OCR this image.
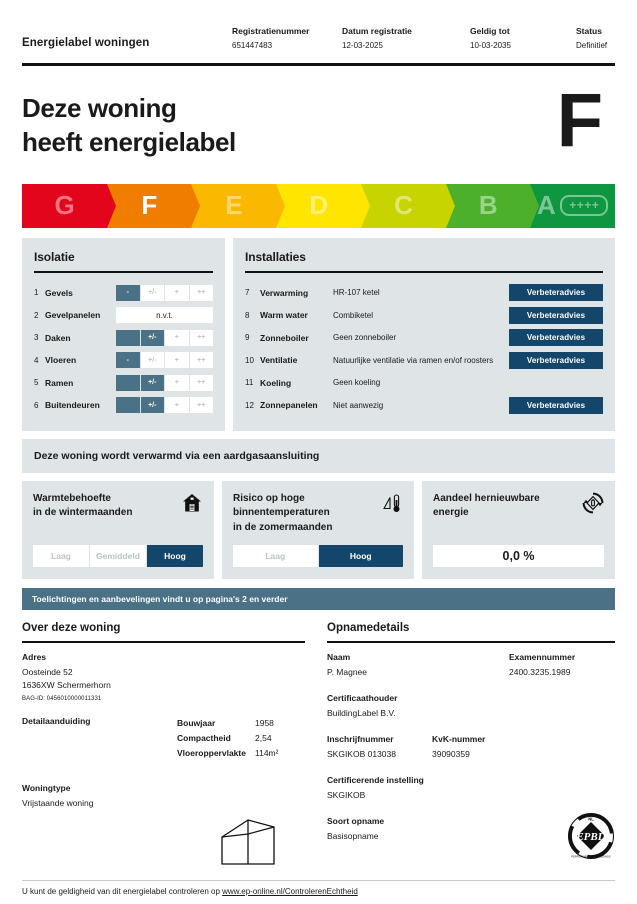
Energielabel woningen
Registratienummer
651447483
Datum registratie
12-03-2025
Geldig tot
10-03-2035
Status
Definitief
Deze woning
heeft energielabel	F
G	F	E	D	C	B A	++++
Isolatie
1 Gevels	-	+/-	+	++
2 Gevelpanelen	n.v.t.
3 Daken	-	+/-	+	++
4 Vloeren	-	+/-	+	++
5 Ramen	-	+/-	+	++
6 Buitendeuren	-	+/-	+	++
Installaties
7	Verwarming	HR-107 ketel	Verbeteradvies
8	Warm water	Combiketel	Verbeteradvies
9	Zonneboiler	Geen zonneboiler	Verbeteradvies
10 Ventilatie	Natuurlijke ventilatie via ramen en/of roosters	Verbeteradvies
11 Koeling	Geen koeling
12 Zonnepanelen	Niet aanwezig	Verbeteradvies
Deze woning wordt verwarmd via een aardgasaansluiting
Warmtebehoefte
in de wintermaanden
Laag	Gemiddeld	Hoog
Risico op hoge
binnentemperaturen
in de zomermaanden
Laag	Hoog
Aandeel hernieuwbare
energie
0,0 %
Toelichtingen en aanbevelingen vindt u op pagina's 2 en verder
Over deze woning
Adres
Oosteinde 52
1636XW Schermerhorn
BAG-ID: 0456010000011331
Detailaanduiding	Bouwjaar	1958
Compactheid	2,54
Vloeroppervlakte	114m²
Woningtype
Vrijstaande woning
Opnamedetails
Naam
P. Magnee
Examennummer
2400.3235.1989
Certificaathouder
BuildingLabel B.V.
Inschrijfnummer
SKGIKOB 013038
KvK-nummer
39090359
Certificerende instelling
SKGIKOB
Soort opname
Basisopname	EPBD
NL
PERFORMANCE OF BUILDINGS
U kunt de geldigheid van dit energielabel controleren op www.ep-online.nl/ControlerenEchtheid
